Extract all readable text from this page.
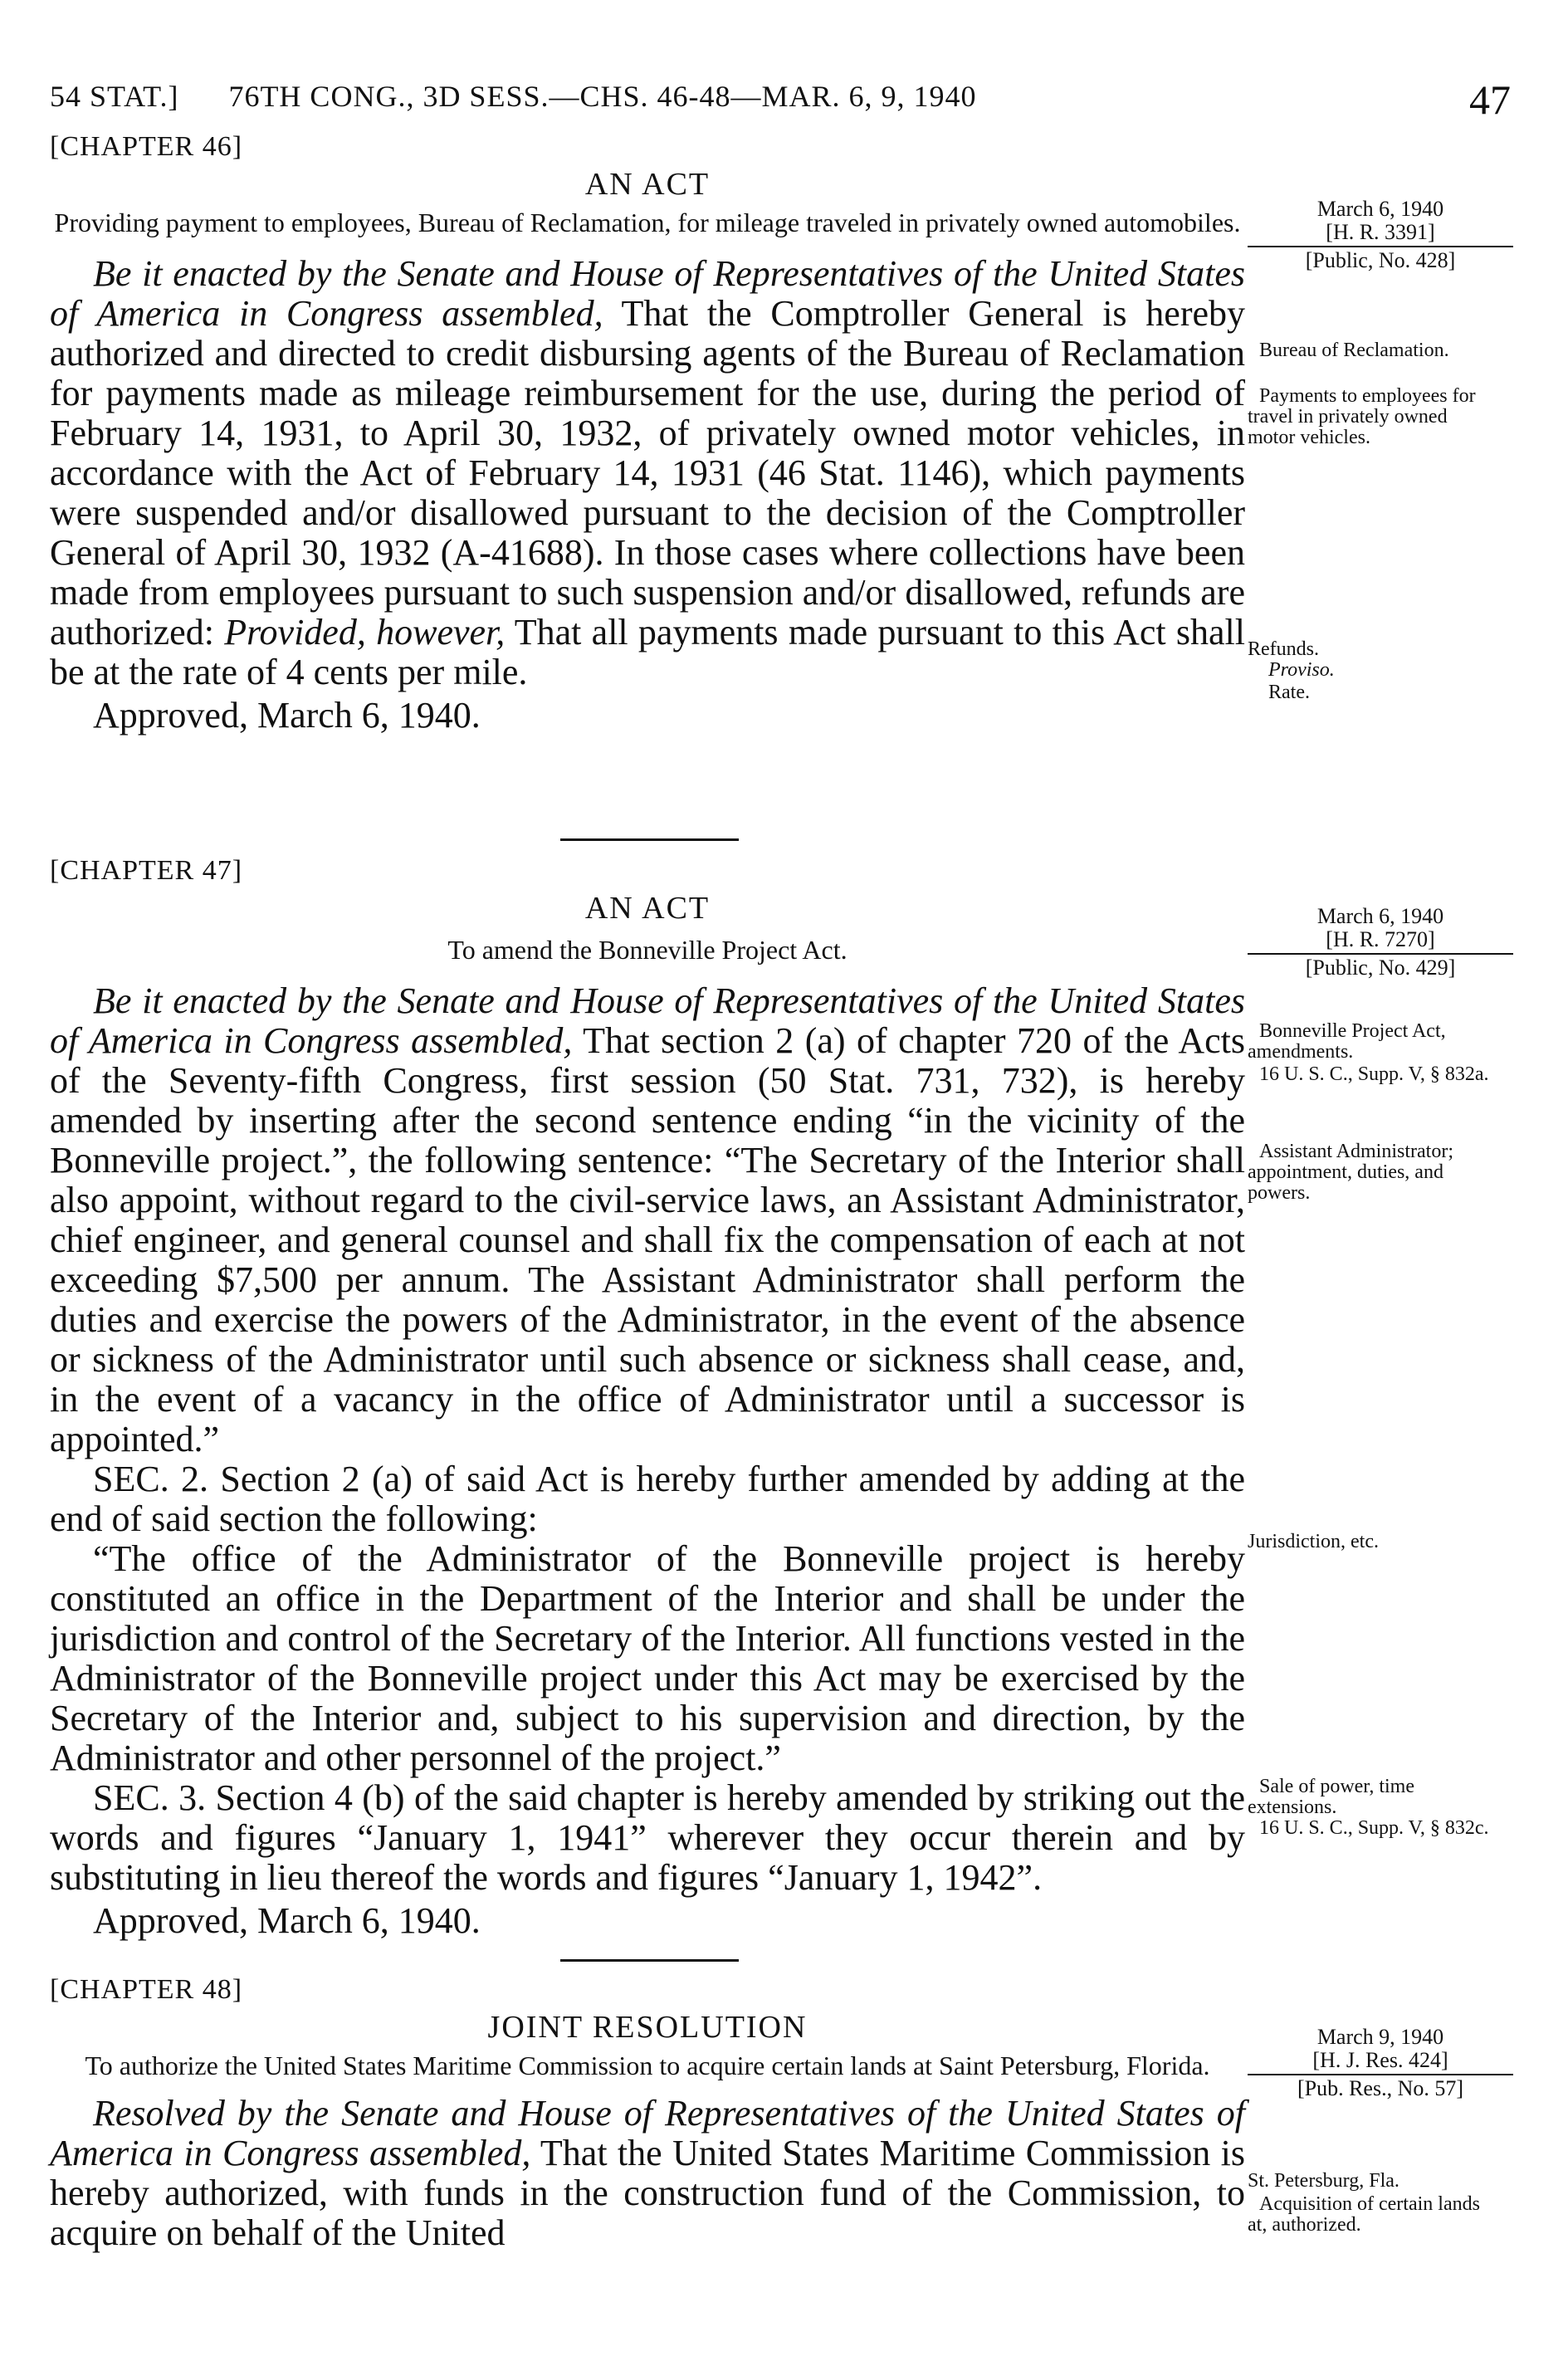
54 STAT.]      76TH CONG., 3D SESS.—CHS. 46-48—MAR. 6, 9, 1940	47

[CHAPTER 46]

AN ACT

Providing payment to employees, Bureau of Reclamation, for mileage traveled in privately owned automobiles.

Be it enacted by the Senate and House of Representatives of the United States of America in Congress assembled, That the Comptroller General is hereby authorized and directed to credit disbursing agents of the Bureau of Reclamation for payments made as mileage reimbursement for the use, during the period of February 14, 1931, to April 30, 1932, of privately owned motor vehicles, in accordance with the Act of February 14, 1931 (46 Stat. 1146), which payments were suspended and/or disallowed pursuant to the decision of the Comptroller General of April 30, 1932 (A-41688). In those cases where collections have been made from employees pursuant to such suspension and/or disallowed, refunds are authorized: Provided, however, That all payments made pursuant to this Act shall be at the rate of 4 cents per mile.

Approved, March 6, 1940.

March 6, 1940
[H. R. 3391]
[Public, No. 428]
Bureau of Reclamation.
Payments to employees for travel in privately owned motor vehicles.
Refunds.
Proviso.
Rate.

[CHAPTER 47]

AN ACT

To amend the Bonneville Project Act.

Be it enacted by the Senate and House of Representatives of the United States of America in Congress assembled, That section 2 (a) of chapter 720 of the Acts of the Seventy-fifth Congress, first session (50 Stat. 731, 732), is hereby amended by inserting after the second sentence ending “in the vicinity of the Bonneville project.”, the following sentence: “The Secretary of the Interior shall also appoint, without regard to the civil-service laws, an Assistant Administrator, chief engineer, and general counsel and shall fix the compensation of each at not exceeding $7,500 per annum. The Assistant Administrator shall perform the duties and exercise the powers of the Administrator, in the event of the absence or sickness of the Administrator until such absence or sickness shall cease, and, in the event of a vacancy in the office of Administrator until a successor is appointed.”

SEC. 2. Section 2 (a) of said Act is hereby further amended by adding at the end of said section the following:

“The office of the Administrator of the Bonneville project is hereby constituted an office in the Department of the Interior and shall be under the jurisdiction and control of the Secretary of the Interior. All functions vested in the Administrator of the Bonneville project under this Act may be exercised by the Secretary of the Interior and, subject to his supervision and direction, by the Administrator and other personnel of the project.”

SEC. 3. Section 4 (b) of the said chapter is hereby amended by striking out the words and figures “January 1, 1941” wherever they occur therein and by substituting in lieu thereof the words and figures “January 1, 1942”.

Approved, March 6, 1940.

March 6, 1940
[H. R. 7270]
[Public, No. 429]
Bonneville Project Act, amendments.
16 U. S. C., Supp. V, § 832a.
Assistant Administrator; appointment, duties, and powers.
Jurisdiction, etc.
Sale of power, time extensions.
16 U. S. C., Supp. V, § 832c.

[CHAPTER 48]

JOINT RESOLUTION

To authorize the United States Maritime Commission to acquire certain lands at Saint Petersburg, Florida.

Resolved by the Senate and House of Representatives of the United States of America in Congress assembled, That the United States Maritime Commission is hereby authorized, with funds in the construction fund of the Commission, to acquire on behalf of the United

March 9, 1940
[H. J. Res. 424]
[Pub. Res., No. 57]
St. Petersburg, Fla.
Acquisition of certain lands at, authorized.
